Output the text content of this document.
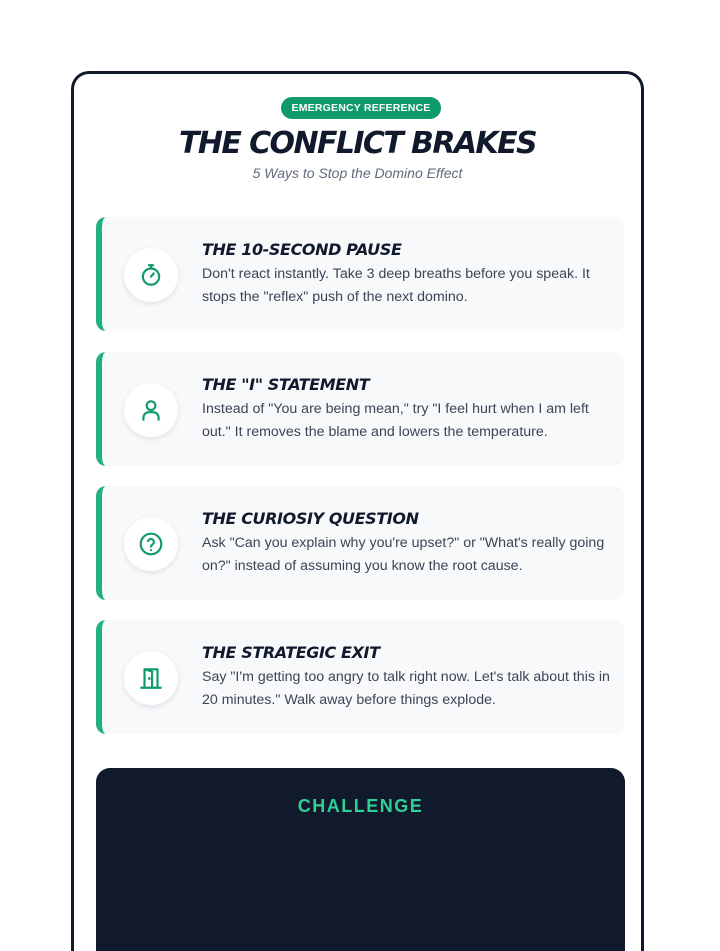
EMERGENCY REFERENCE
THE CONFLICT BRAKES
5 Ways to Stop the Domino Effect
THE 10-SECOND PAUSE
Don't react instantly. Take 3 deep breaths before you speak. It stops the "reflex" push of the next domino.
THE "I" STATEMENT
Instead of "You are being mean," try "I feel hurt when I am left out." It removes the blame and lowers the temperature.
THE CURIOSIY QUESTION
Ask "Can you explain why you're upset?" or "What's really going on?" instead of assuming you know the root cause.
THE STRATEGIC EXIT
Say "I'm getting too angry to talk right now. Let's talk about this in 20 minutes." Walk away before things explode.
CHALLENGE
